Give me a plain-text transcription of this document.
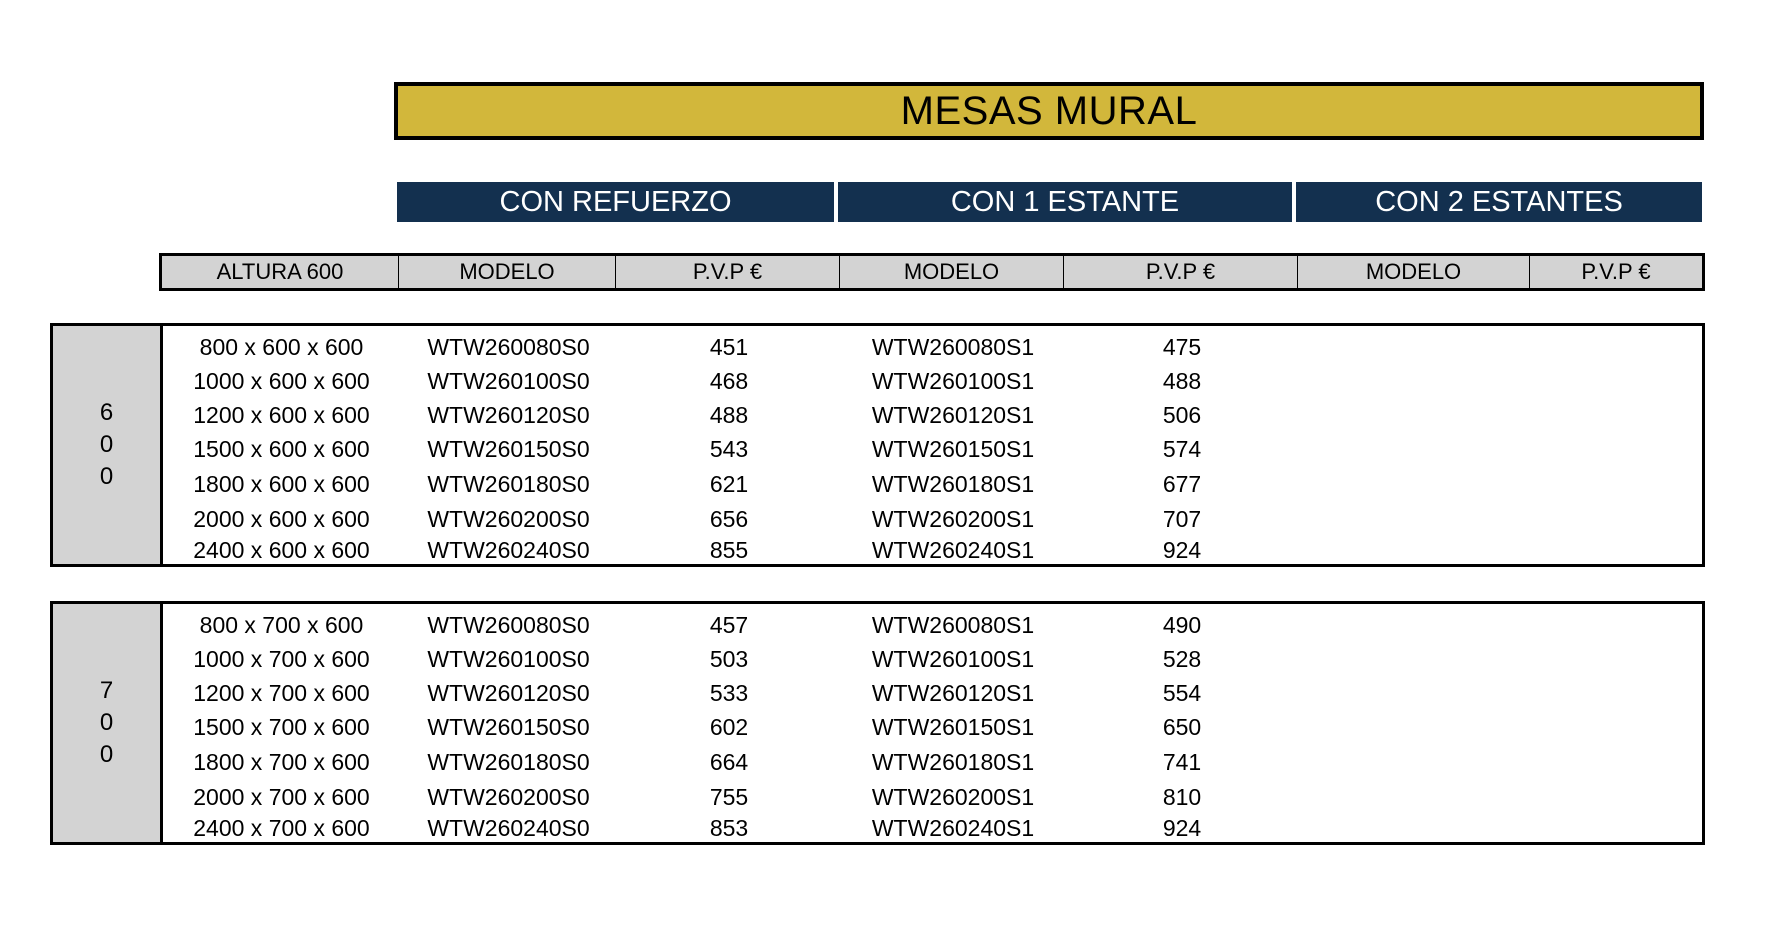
MESAS MURAL
CON REFUERZO	CON 1 ESTANTE	CON 2 ESTANTES
ALTURA 600	MODELO	P.V.P €	MODELO	P.V.P €	MODELO	P.V.P €
6
0
0
800 x 600 x 600	WTW260080S0	451	WTW260080S1	475
1000 x 600 x 600	WTW260100S0	468	WTW260100S1	488
1200 x 600 x 600	WTW260120S0	488	WTW260120S1	506
1500 x 600 x 600	WTW260150S0	543	WTW260150S1	574
1800 x 600 x 600	WTW260180S0	621	WTW260180S1	677
2000 x 600 x 600	WTW260200S0	656	WTW260200S1	707
2400 x 600 x 600	WTW260240S0	855	WTW260240S1	924
7
0
0
800 x 700 x 600	WTW260080S0	457	WTW260080S1	490
1000 x 700 x 600	WTW260100S0	503	WTW260100S1	528
1200 x 700 x 600	WTW260120S0	533	WTW260120S1	554
1500 x 700 x 600	WTW260150S0	602	WTW260150S1	650
1800 x 700 x 600	WTW260180S0	664	WTW260180S1	741
2000 x 700 x 600	WTW260200S0	755	WTW260200S1	810
2400 x 700 x 600	WTW260240S0	853	WTW260240S1	924
